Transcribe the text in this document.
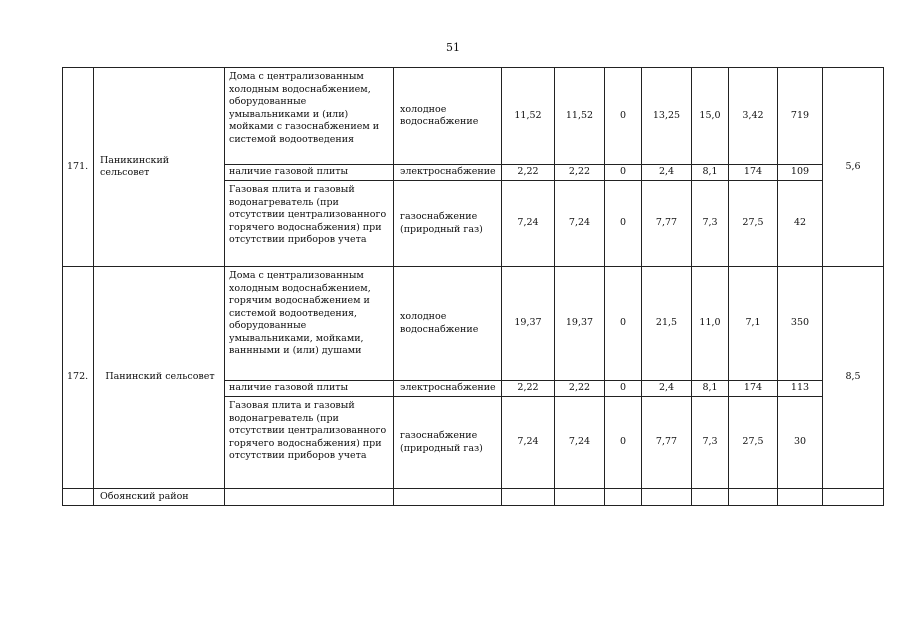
51
171.	Паникинский сельсовет	Дома с централизованным холодным водоснабжением, оборудованные умывальниками и (или) мойками с газоснабжением и системой водоотведения	холодное водоснабжение	11,52	11,52	0	13,25	15,0	3,42	719	5,6
		наличие газовой плиты	электроснабжение	2,22	2,22	0	2,4	8,1	174	109	
		Газовая плита и газовый водонагреватель (при отсутствии централизованного горячего водоснабжения) при отсутствии приборов учета	газоснабжение (природный газ)	7,24	7,24	0	7,77	7,3	27,5	42	
172.	Панинский сельсовет	Дома с централизованным холодным водоснабжением, горячим водоснабжением и системой водоотведения, оборудованные умывальниками, мойками, ваннными и (или) душами	холодное водоснабжение	19,37	19,37	0	21,5	11,0	7,1	350	8,5
		наличие газовой плиты	электроснабжение	2,22	2,22	0	2,4	8,1	174	113	
		Газовая плита и газовый водонагреватель (при отсутствии централизованного горячего водоснабжения) при отсутствии приборов учета	газоснабжение (природный газ)	7,24	7,24	0	7,77	7,3	27,5	30	
	Обоянский район										
